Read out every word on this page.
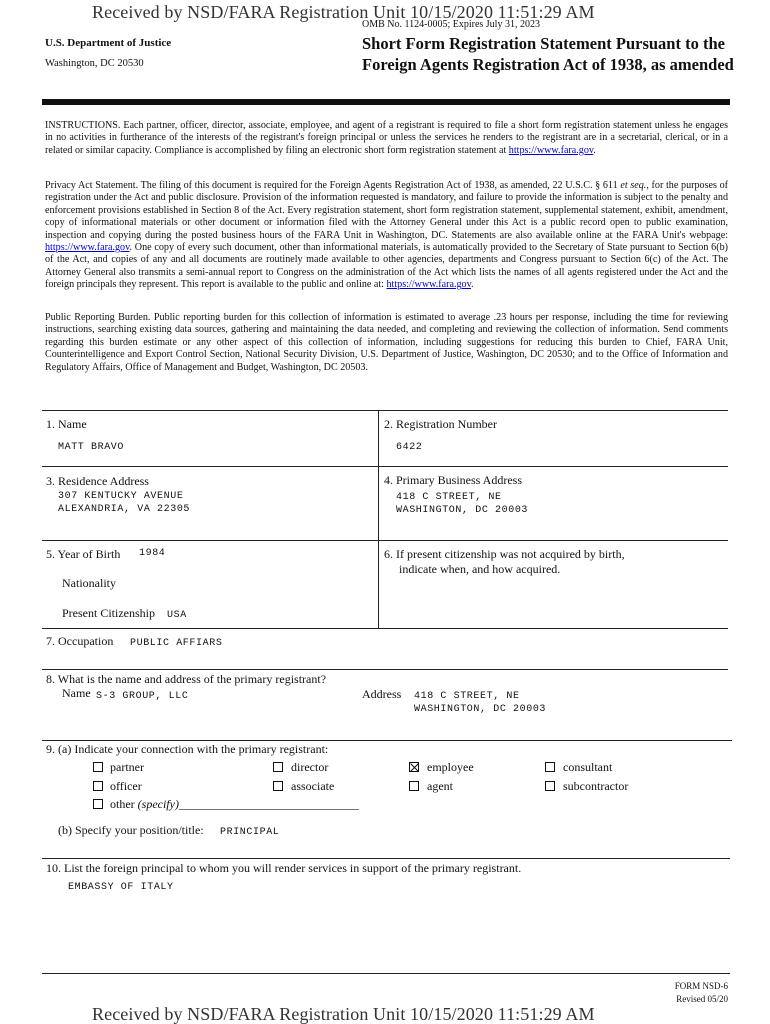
Received by NSD/FARA Registration Unit 10/15/2020 11:51:29 AM
OMB No. 1124-0005; Expires July 31, 2023
U.S. Department of Justice
Washington, DC 20530
Short Form Registration Statement Pursuant to the Foreign Agents Registration Act of 1938, as amended
INSTRUCTIONS. Each partner, officer, director, associate, employee, and agent of a registrant is required to file a short form registration statement unless he engages in no activities in furtherance of the interests of the registrant's foreign principal or unless the services he renders to the registrant are in a secretarial, clerical, or in a related or similar capacity. Compliance is accomplished by filing an electronic short form registration statement at https://www.fara.gov.
Privacy Act Statement. The filing of this document is required for the Foreign Agents Registration Act of 1938, as amended, 22 U.S.C. § 611 et seq., for the purposes of registration under the Act and public disclosure. Provision of the information requested is mandatory, and failure to provide the information is subject to the penalty and enforcement provisions established in Section 8 of the Act. Every registration statement, short form registration statement, supplemental statement, exhibit, amendment, copy of informational materials or other document or information filed with the Attorney General under this Act is a public record open to public examination, inspection and copying during the posted business hours of the FARA Unit in Washington, DC. Statements are also available online at the FARA Unit's webpage: https://www.fara.gov. One copy of every such document, other than informational materials, is automatically provided to the Secretary of State pursuant to Section 6(b) of the Act, and copies of any and all documents are routinely made available to other agencies, departments and Congress pursuant to Section 6(c) of the Act. The Attorney General also transmits a semi-annual report to Congress on the administration of the Act which lists the names of all agents registered under the Act and the foreign principals they represent. This report is available to the public and online at: https://www.fara.gov.
Public Reporting Burden. Public reporting burden for this collection of information is estimated to average .23 hours per response, including the time for reviewing instructions, searching existing data sources, gathering and maintaining the data needed, and completing and reviewing the collection of information. Send comments regarding this burden estimate or any other aspect of this collection of information, including suggestions for reducing this burden to Chief, FARA Unit, Counterintelligence and Export Control Section, National Security Division, U.S. Department of Justice, Washington, DC 20530; and to the Office of Information and Regulatory Affairs, Office of Management and Budget, Washington, DC 20503.
1. Name
MATT BRAVO
2. Registration Number
6422
3. Residence Address
307 KENTUCKY AVENUE
ALEXANDRIA, VA 22305
4. Primary Business Address
418 C STREET, NE
WASHINGTON, DC 20003
5. Year of Birth 1984
Nationality
Present Citizenship USA
6. If present citizenship was not acquired by birth,
indicate when, and how acquired.
7. Occupation PUBLIC AFFIARS
8. What is the name and address of the primary registrant?
Name S-3 GROUP, LLC	Address 418 C STREET, NE
WASHINGTON, DC 20003
9. (a) Indicate your connection with the primary registrant:
partner	director	employee	consultant
officer	associate	agent	subcontractor
other (specify)______________________________
(b) Specify your position/title: PRINCIPAL
10. List the foreign principal to whom you will render services in support of the primary registrant.
EMBASSY OF ITALY
FORM NSD-6
Revised 05/20
Received by NSD/FARA Registration Unit 10/15/2020 11:51:29 AM
